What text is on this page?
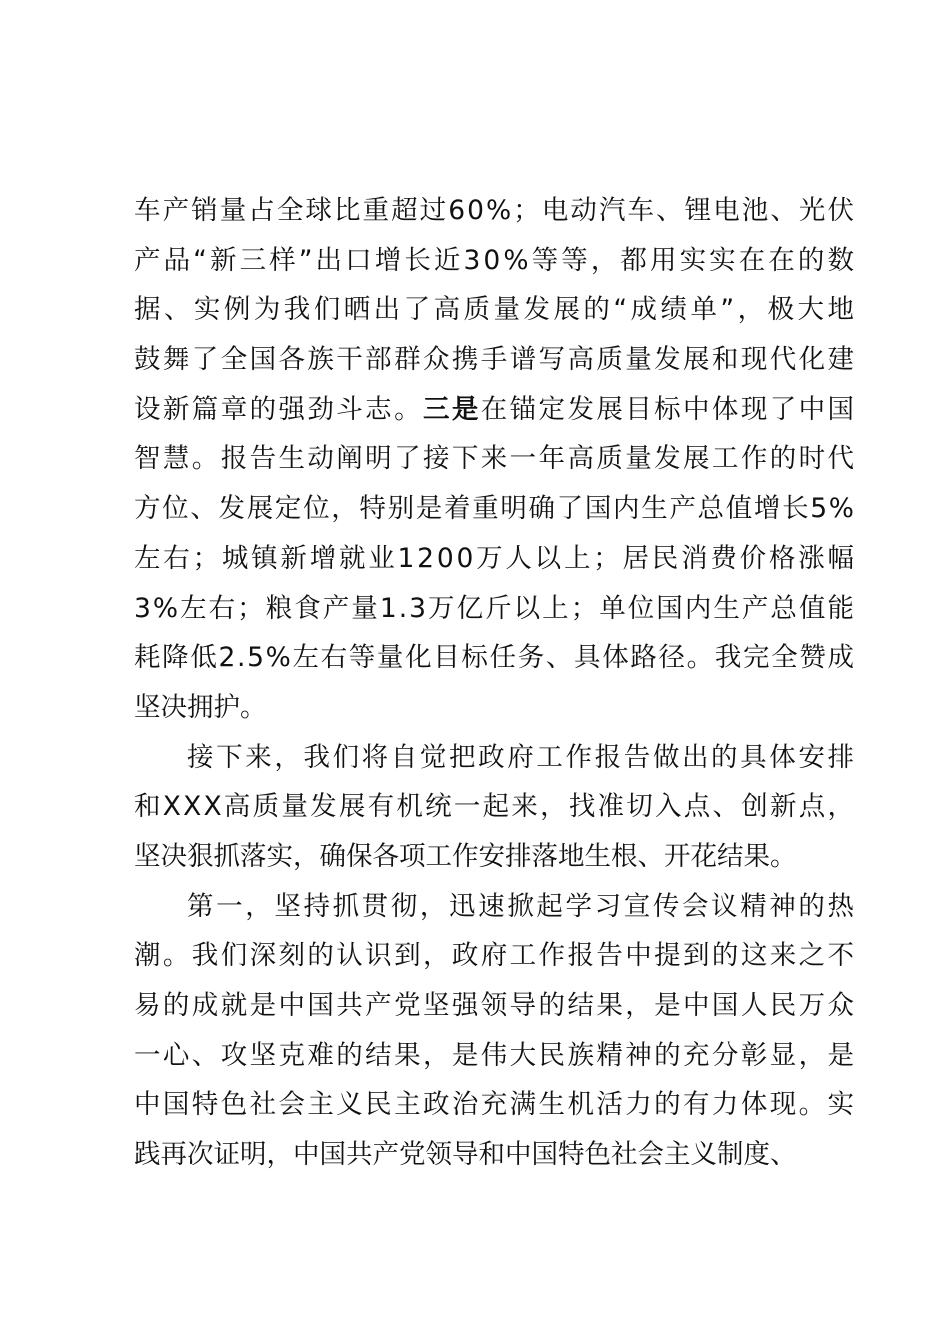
车产销量占全球比重超过60%；电动汽车、锂电池、光伏
产品“新三样”出口增长近30%等等，都用实实在在的数
据、实例为我们晒出了高质量发展的“成绩单”，极大地
鼓舞了全国各族干部群众携手谱写高质量发展和现代化建
设新篇章的强劲斗志。三是在锚定发展目标中体现了中国
智慧。报告生动阐明了接下来一年高质量发展工作的时代
方位、发展定位，特别是着重明确了国内生产总值增长5%
左右；城镇新增就业1200万人以上；居民消费价格涨幅
3%左右；粮食产量1.3万亿斤以上；单位国内生产总值能
耗降低2.5%左右等量化目标任务、具体路径。我完全赞成
坚决拥护。
接下来，我们将自觉把政府工作报告做出的具体安排
和XXX高质量发展有机统一起来，找准切入点、创新点，
坚决狠抓落实，确保各项工作安排落地生根、开花结果。
第一，坚持抓贯彻，迅速掀起学习宣传会议精神的热
潮。我们深刻的认识到，政府工作报告中提到的这来之不
易的成就是中国共产党坚强领导的结果，是中国人民万众
一心、攻坚克难的结果，是伟大民族精神的充分彰显，是
中国特色社会主义民主政治充满生机活力的有力体现。实
践再次证明，中国共产党领导和中国特色社会主义制度、
